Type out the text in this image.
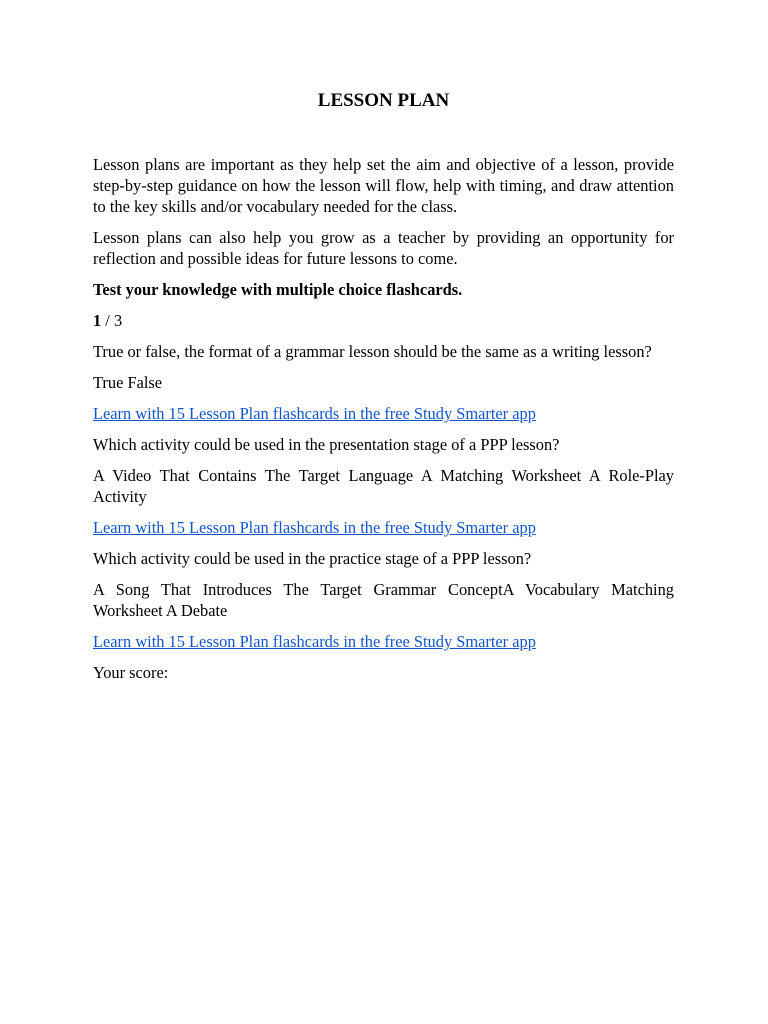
LESSON PLAN

Lesson plans are important as they help set the aim and objective of a lesson, provide step-by-step guidance on how the lesson will flow, help with timing, and draw attention to the key skills and/or vocabulary needed for the class.

Lesson plans can also help you grow as a teacher by providing an opportunity for reflection and possible ideas for future lessons to come.

Test your knowledge with multiple choice flashcards.

1 / 3

True or false, the format of a grammar lesson should be the same as a writing lesson?

True False

Learn with 15 Lesson Plan flashcards in the free Study Smarter app

Which activity could be used in the presentation stage of a PPP lesson?

A Video That Contains The Target Language A Matching Worksheet A Role-Play Activity

Learn with 15 Lesson Plan flashcards in the free Study Smarter app

Which activity could be used in the practice stage of a PPP lesson?

A Song That Introduces The Target Grammar ConceptA Vocabulary Matching Worksheet A Debate

Learn with 15 Lesson Plan flashcards in the free Study Smarter app

Your score:
